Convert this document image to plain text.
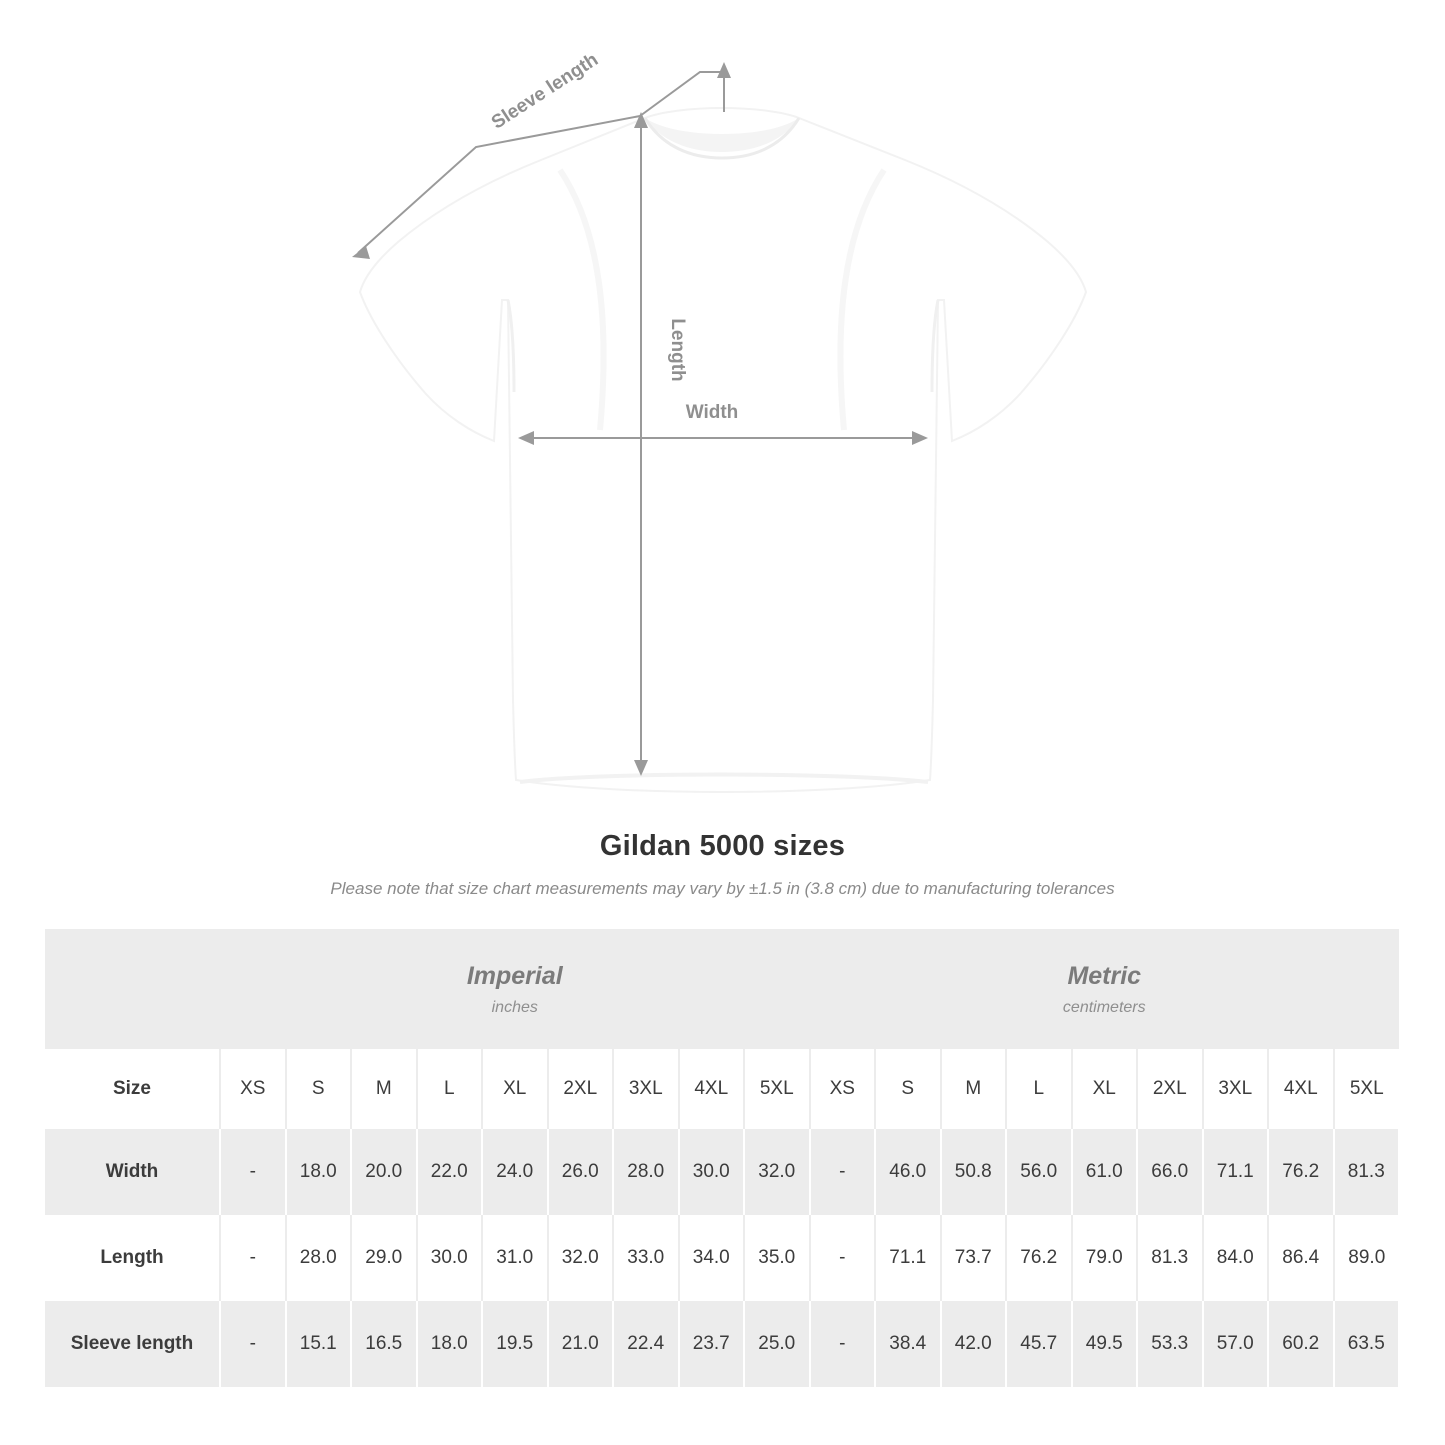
Length
Width
Sleeve length
Gildan 5000 sizes
Please note that size chart measurements may vary by ±1.5 in (3.8 cm) due to manufacturing tolerances

Imperial
inches

Metric
centimeters

Size	XS	S	M	L	XL	2XL	3XL	4XL	5XL	XS	S	M	L	XL	2XL	3XL	4XL	5XL
Width	-	18.0	20.0	22.0	24.0	26.0	28.0	30.0	32.0	-	46.0	50.8	56.0	61.0	66.0	71.1	76.2	81.3
Length	-	28.0	29.0	30.0	31.0	32.0	33.0	34.0	35.0	-	71.1	73.7	76.2	79.0	81.3	84.0	86.4	89.0
Sleeve length	-	15.1	16.5	18.0	19.5	21.0	22.4	23.7	25.0	-	38.4	42.0	45.7	49.5	53.3	57.0	60.2	63.5
